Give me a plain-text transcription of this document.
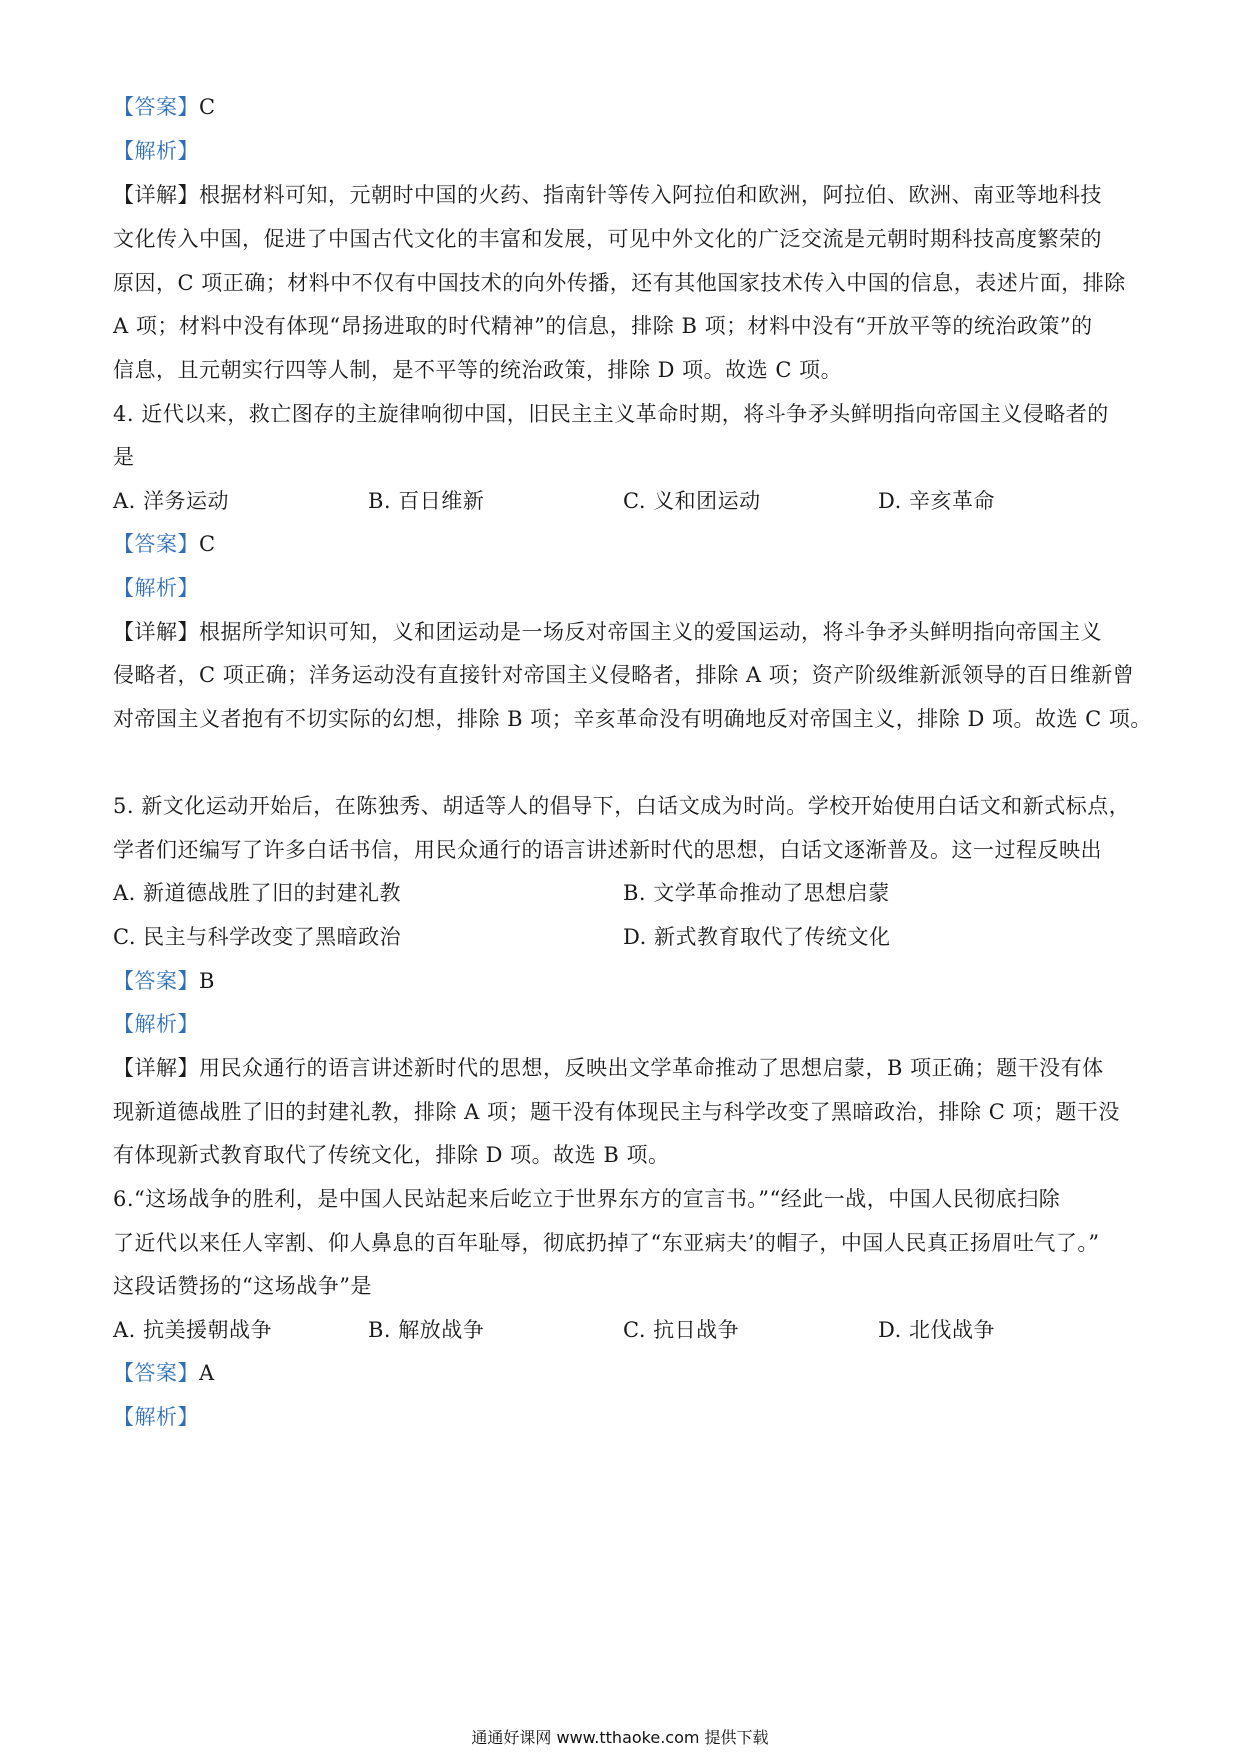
【答案】C
【解析】
【详解】根据材料可知，元朝时中国的火药、指南针等传入阿拉伯和欧洲，阿拉伯、欧洲、南亚等地科技
文化传入中国，促进了中国古代文化的丰富和发展，可见中外文化的广泛交流是元朝时期科技高度繁荣的
原因，C 项正确；材料中不仅有中国技术的向外传播，还有其他国家技术传入中国的信息，表述片面，排除
A 项；材料中没有体现“昂扬进取的时代精神”的信息，排除 B 项；材料中没有“开放平等的统治政策”的
信息，且元朝实行四等人制，是不平等的统治政策，排除 D 项。故选 C 项。
4. 近代以来，救亡图存的主旋律响彻中国，旧民主主义革命时期，将斗争矛头鲜明指向帝国主义侵略者的
是
A. 洋务运动	B. 百日维新	C. 义和团运动	D. 辛亥革命
【答案】C
【解析】
【详解】根据所学知识可知，义和团运动是一场反对帝国主义的爱国运动，将斗争矛头鲜明指向帝国主义
侵略者，C 项正确；洋务运动没有直接针对帝国主义侵略者，排除 A 项；资产阶级维新派领导的百日维新曾
对帝国主义者抱有不切实际的幻想，排除 B 项；辛亥革命没有明确地反对帝国主义，排除 D 项。故选 C 项。
5. 新文化运动开始后，在陈独秀、胡适等人的倡导下，白话文成为时尚。学校开始使用白话文和新式标点，
学者们还编写了许多白话书信，用民众通行的语言讲述新时代的思想，白话文逐渐普及。这一过程反映出
A. 新道德战胜了旧的封建礼教	B. 文学革命推动了思想启蒙
C. 民主与科学改变了黑暗政治	D. 新式教育取代了传统文化
【答案】B
【解析】
【详解】用民众通行的语言讲述新时代的思想，反映出文学革命推动了思想启蒙，B 项正确；题干没有体
现新道德战胜了旧的封建礼教，排除 A 项；题干没有体现民主与科学改变了黑暗政治，排除 C 项；题干没
有体现新式教育取代了传统文化，排除 D 项。故选 B 项。
6.“这场战争的胜利，是中国人民站起来后屹立于世界东方的宣言书。”“经此一战，中国人民彻底扫除
了近代以来任人宰割、仰人鼻息的百年耻辱，彻底扔掉了“东亚病夫’的帽子，中国人民真正扬眉吐气了。”
这段话赞扬的“这场战争”是
A. 抗美援朝战争	B. 解放战争	C. 抗日战争	D. 北伐战争
【答案】A
【解析】
通通好课网 www.tthaoke.com 提供下载
